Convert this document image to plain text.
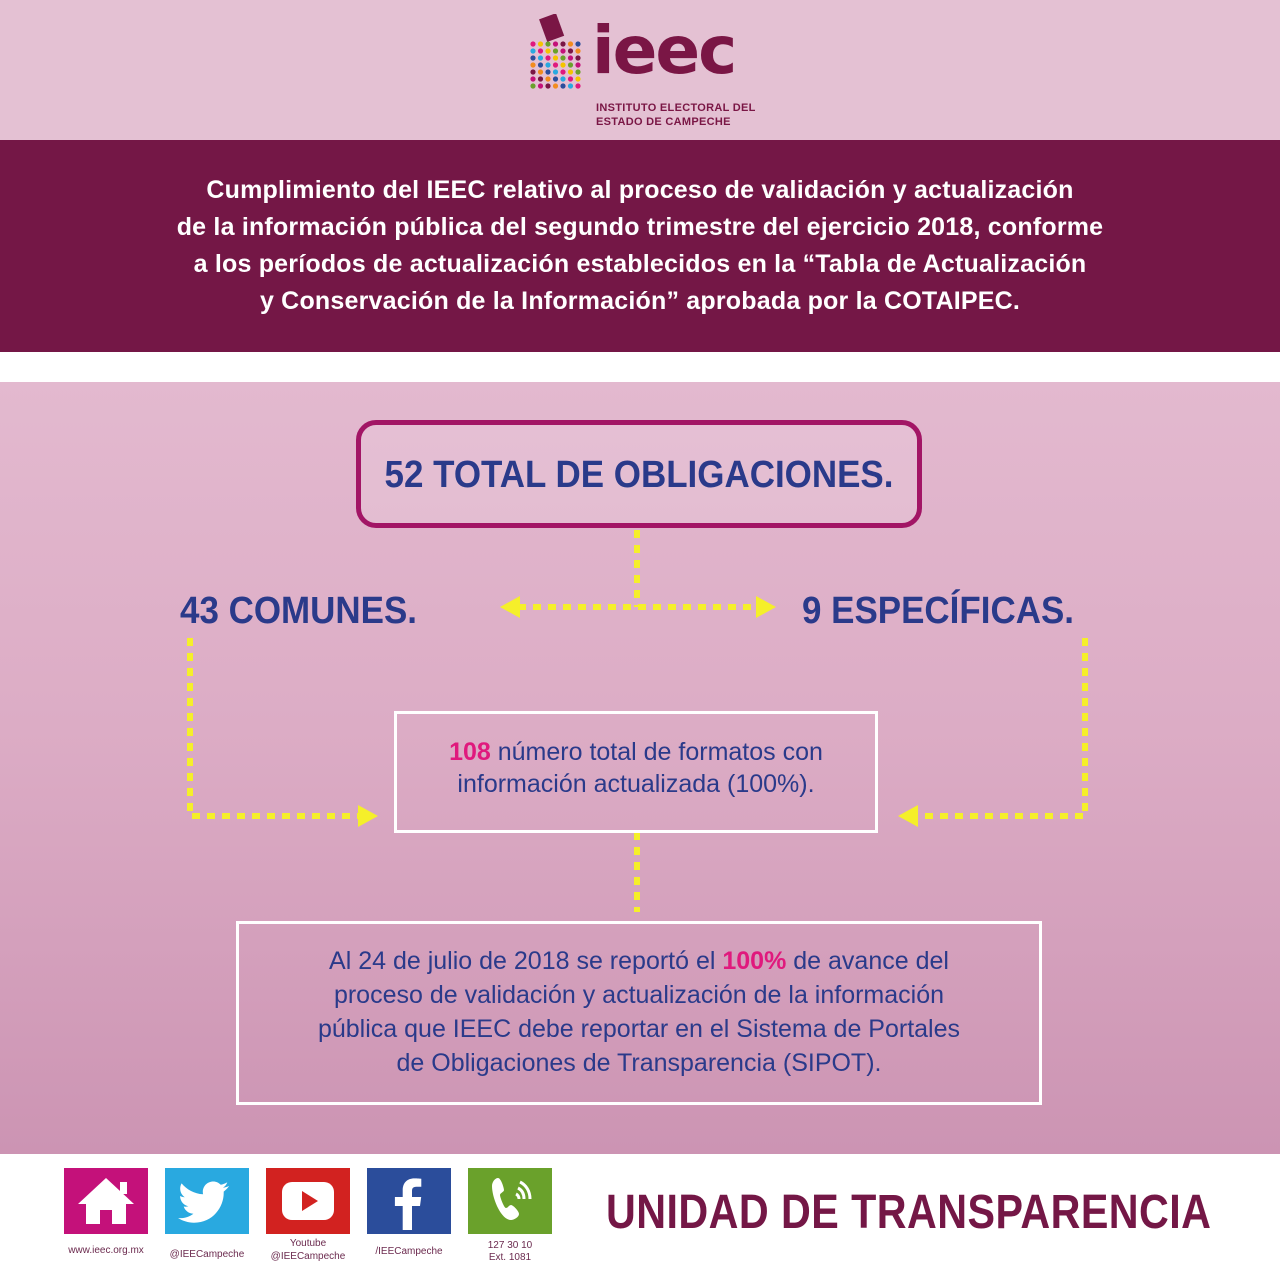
ieec
INSTITUTO ELECTORAL DEL
ESTADO DE CAMPECHE
Cumplimiento del IEEC relativo al proceso de validación y actualización
de la información pública del segundo trimestre del ejercicio 2018, conforme
a los períodos de actualización establecidos en la “Tabla de Actualización
y Conservación de la Información” aprobada por la COTAIPEC.
52 TOTAL DE OBLIGACIONES.
43 COMUNES.	9 ESPECÍFICAS.
108 número total de formatos con
información actualizada (100%).
Al 24 de julio de 2018 se reportó el 100% de avance del
proceso de validación y actualización de la información
pública que IEEC debe reportar en el Sistema de Portales
de Obligaciones de Transparencia (SIPOT).
www.ieec.org.mx	@IEECampeche
Youtube
@IEECampeche	/IEECampeche
127 30 10
Ext. 1081
UNIDAD DE TRANSPARENCIA
